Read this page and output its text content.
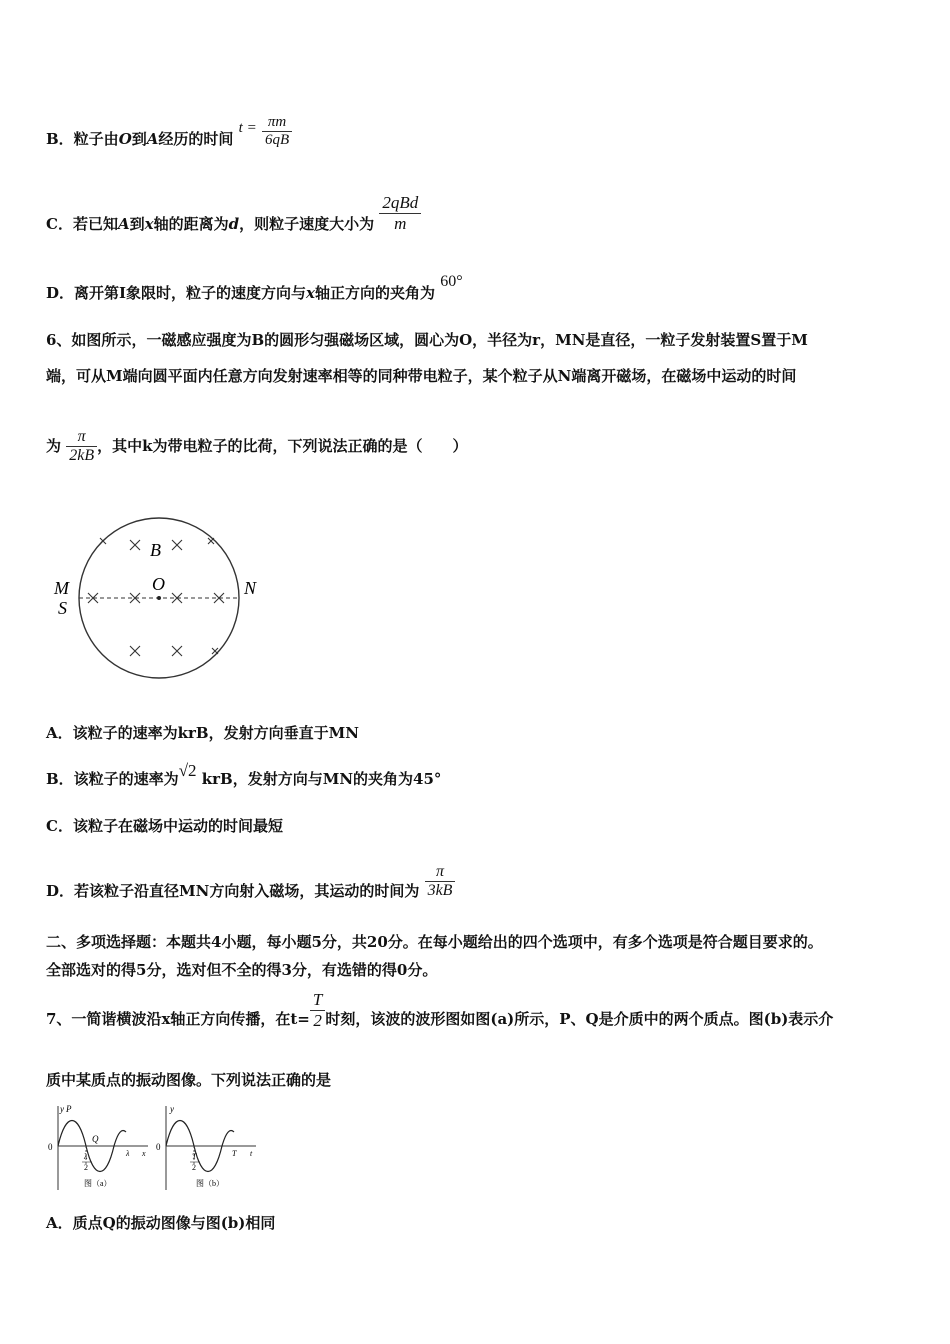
B．粒子由O到A经历的时间 $t = \frac{\pi m}{6qB}$
C．若已知A到x轴的距离为d，则粒子速度大小为 $\frac{\text{2qBd}}{m}$
D．离开第Ⅰ象限时，粒子的速度方向与x轴正方向的夹角为 60°
6、如图所示，一磁感应强度为B的圆形匀强磁场区域，圆心为O，半径为r，MN是直径，一粒子发射装置S置于M
端，可从M端向圆平面内任意方向发射速率相等的同种带电粒子，某个粒子从N端离开磁场，在磁场中运动的时间
为 $\frac{\pi}{2kB}$ ，其中k为带电粒子的比荷，下列说法正确的是（　　）
B
O
M
S
N
A．该粒子的速率为krB，发射方向垂直于MN
B．该粒子的速率为√2 krB，发射方向与MN的夹角为45°
C．该粒子在磁场中运动的时间最短
D．若该粒子沿直径MN方向射入磁场，其运动的时间为 $\frac{\pi}{3kB}$
二、多项选择题：本题共4小题，每小题5分，共20分。在每小题给出的四个选项中，有多个选项是符合题目要求的。
全部选对的得5分，选对但不全的得3分，有选错的得0分。
7、一简谐横波沿x轴正方向传播，在$t= \frac{T}{2}$ 时刻，该波的波形图如图(a)所示，P、Q是介质中的两个质点。图(b)表示介
质中某质点的振动图像。下列说法正确的是
y P
Q
0
λ
2
λ x
图（a）
y
0
T
2
T t
图（b）
A．质点Q的振动图像与图(b)相同
